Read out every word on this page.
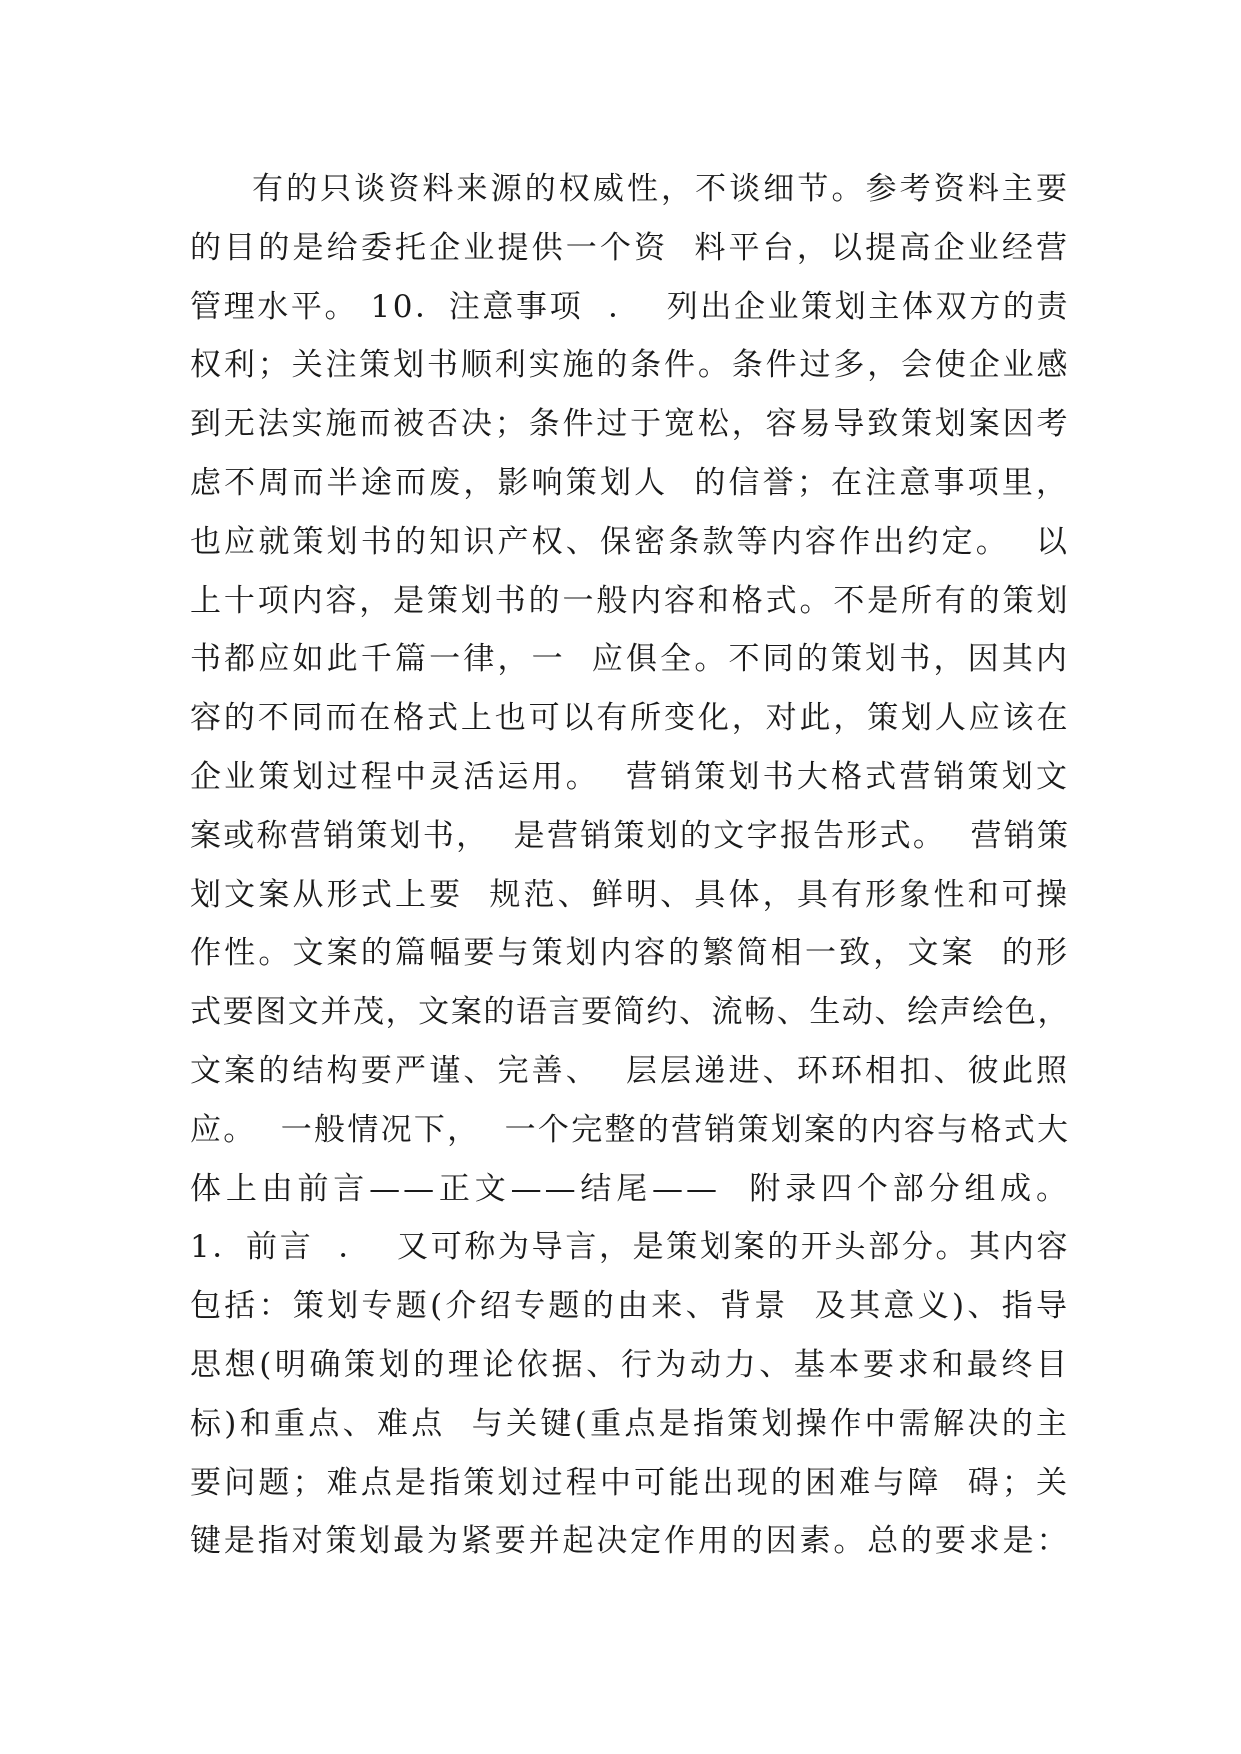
有的只谈资料来源的权威性，不谈细节。参考资料主要
的目的是给委托企业提供一个资  料平台，以提高企业经营
管理水平。 10．注意事项  ．  列出企业策划主体双方的责
权利；关注策划书顺利实施的条件。条件过多，会使企业感
到无法实施而被否决；条件过于宽松，容易导致策划案因考
虑不周而半途而废，影响策划人  的信誉；在注意事项里，
也应就策划书的知识产权、保密条款等内容作出约定。  以
上十项内容，是策划书的一般内容和格式。不是所有的策划
书都应如此千篇一律，一  应俱全。不同的策划书，因其内
容的不同而在格式上也可以有所变化，对此，策划人应该在
企业策划过程中灵活运用。  营销策划书大格式营销策划文
案或称营销策划书，  是营销策划的文字报告形式。  营销策
划文案从形式上要  规范、鲜明、具体，具有形象性和可操
作性。文案的篇幅要与策划内容的繁简相一致，文案  的形
式要图文并茂，文案的语言要简约、流畅、生动、绘声绘色，
文案的结构要严谨、完善、  层层递进、环环相扣、彼此照
应。  一般情况下，  一个完整的营销策划案的内容与格式大
体上由前言——正文——结尾——  附录四个部分组成。
1．前言  ．  又可称为导言，是策划案的开头部分。其内容
包括：策划专题(介绍专题的由来、背景  及其意义)、指导
思想(明确策划的理论依据、行为动力、基本要求和最终目
标)和重点、难点  与关键(重点是指策划操作中需解决的主
要问题；难点是指策划过程中可能出现的困难与障  碍；关
键是指对策划最为紧要并起决定作用的因素。总的要求是：
